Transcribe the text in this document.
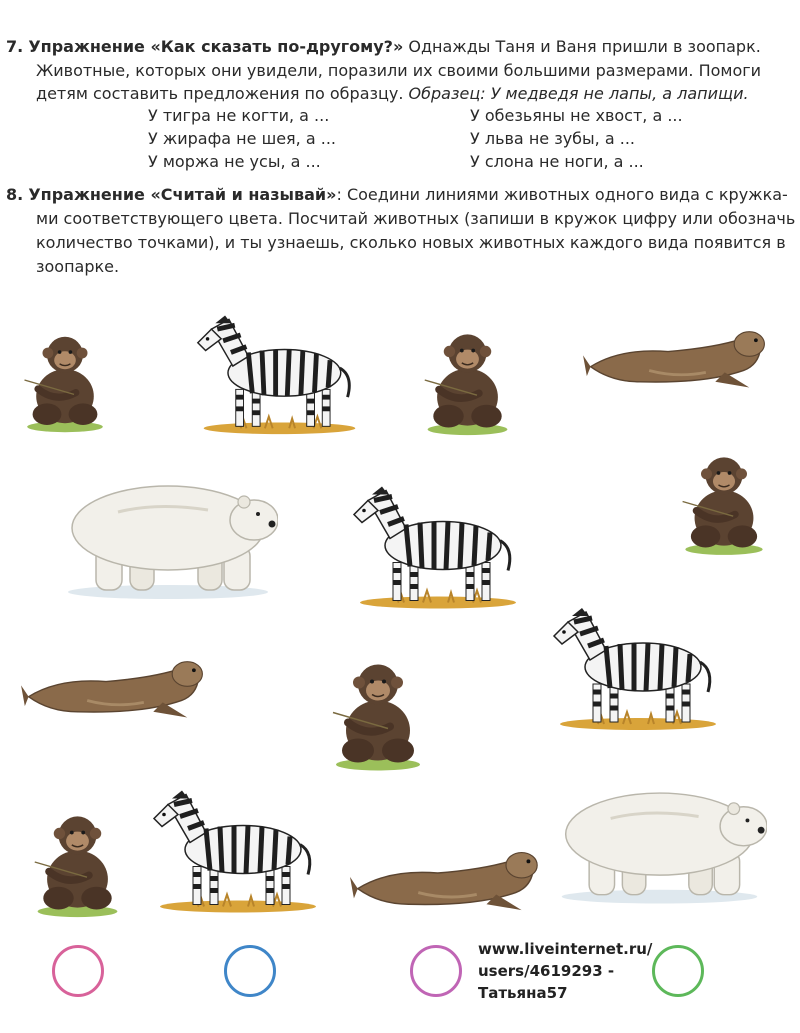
7. Упражнение «Как сказать по-другому?» Однажды Таня и Ваня пришли в зоопарк.
Животные, которых они увидели, поразили их своими большими размерами. Помоги
детям составить предложения по образцу. Образец: У медведя не лапы, а лапищи.
У тигра не когти, а ...
У жирафа не шея, а ...
У моржа не усы, а ...
У обезьяны не хвост, а ...
У льва не зубы, а ...
У слона не ноги, а ...
8. Упражнение «Считай и называй»: Соедини линиями животных одного вида с кружка-
ми соответствующего цвета. Посчитай животных (запиши в кружок цифру или обозначь
количество точками), и ты узнаешь, сколько новых животных каждого вида появится в
зоопарке.
www.liveinternet.ru/
users/4619293 -
Татьяна57
